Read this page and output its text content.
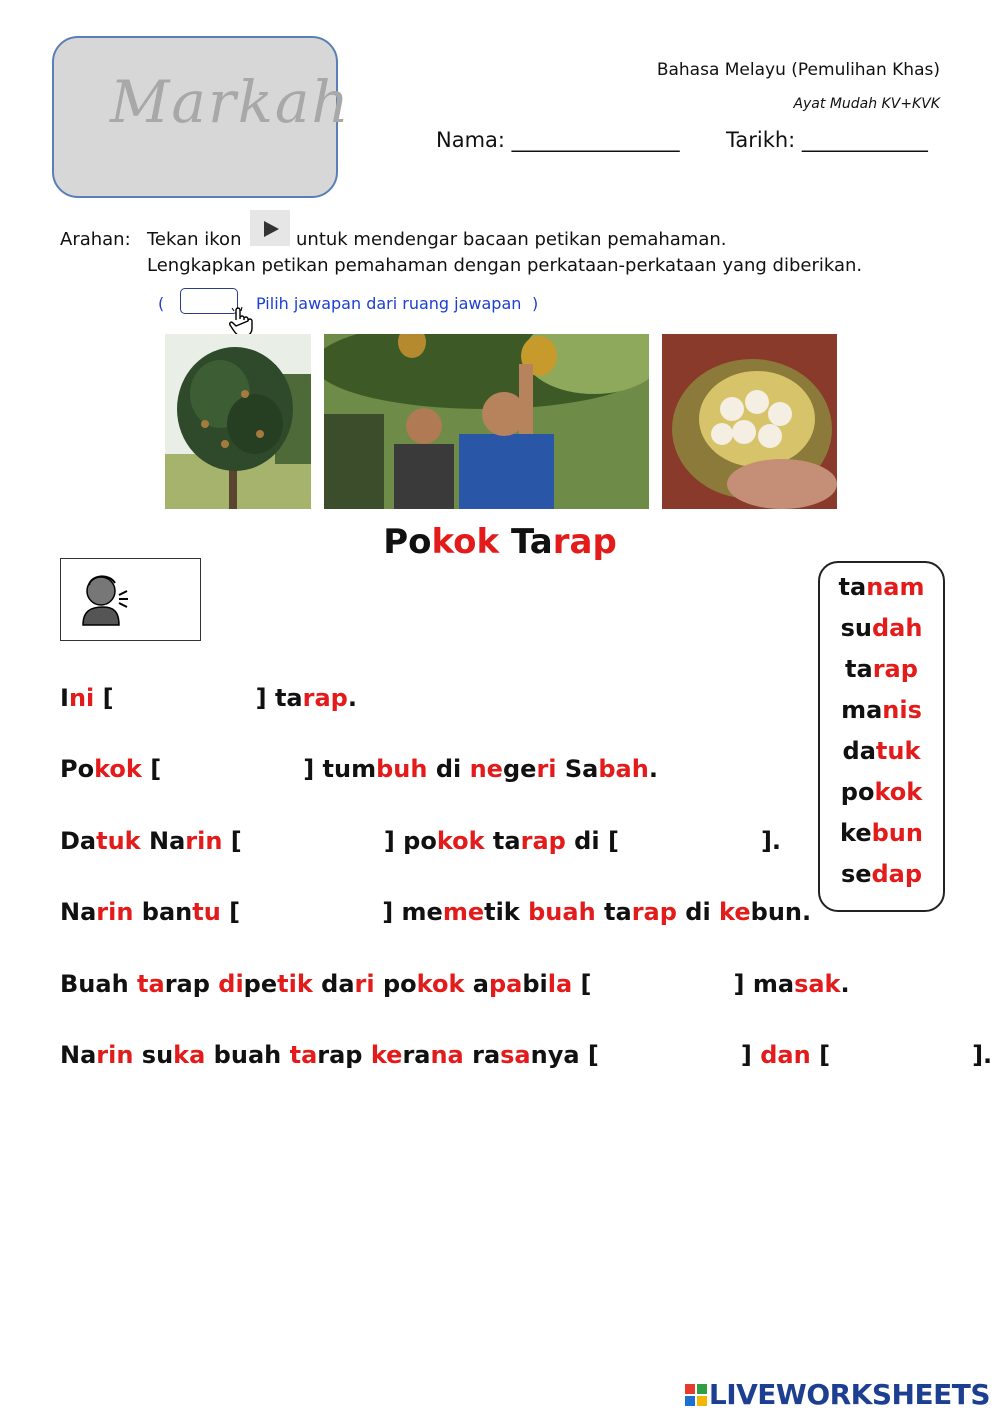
Markah	Bahasa Melayu (Pemulihan Khas)
Ayat Mudah KV+KVK
Nama: ________________ Tarikh: ____________
Arahan: Tekan ikon	untuk mendengar bacaan petikan pemahaman.
Lengkapkan petikan pemahaman dengan perkataan-perkataan yang diberikan.
(	Pilih jawapan dari ruang jawapan )
Pokok Tarap
tanam
sudah
tarap
manis
datuk
pokok
kebun
sedap
Ini [                 ] tarap.
Pokok [                 ] tumbuh di negeri Sabah.
Datuk Narin [                 ] pokok tarap di [                 ].
Narin bantu [                 ] memetik buah tarap di kebun.
Buah tarap dipetik dari pokok apabila [                 ] masak.
Narin suka buah tarap kerana rasanya [                 ] dan [                 ].
LIVEWORKSHEETS
